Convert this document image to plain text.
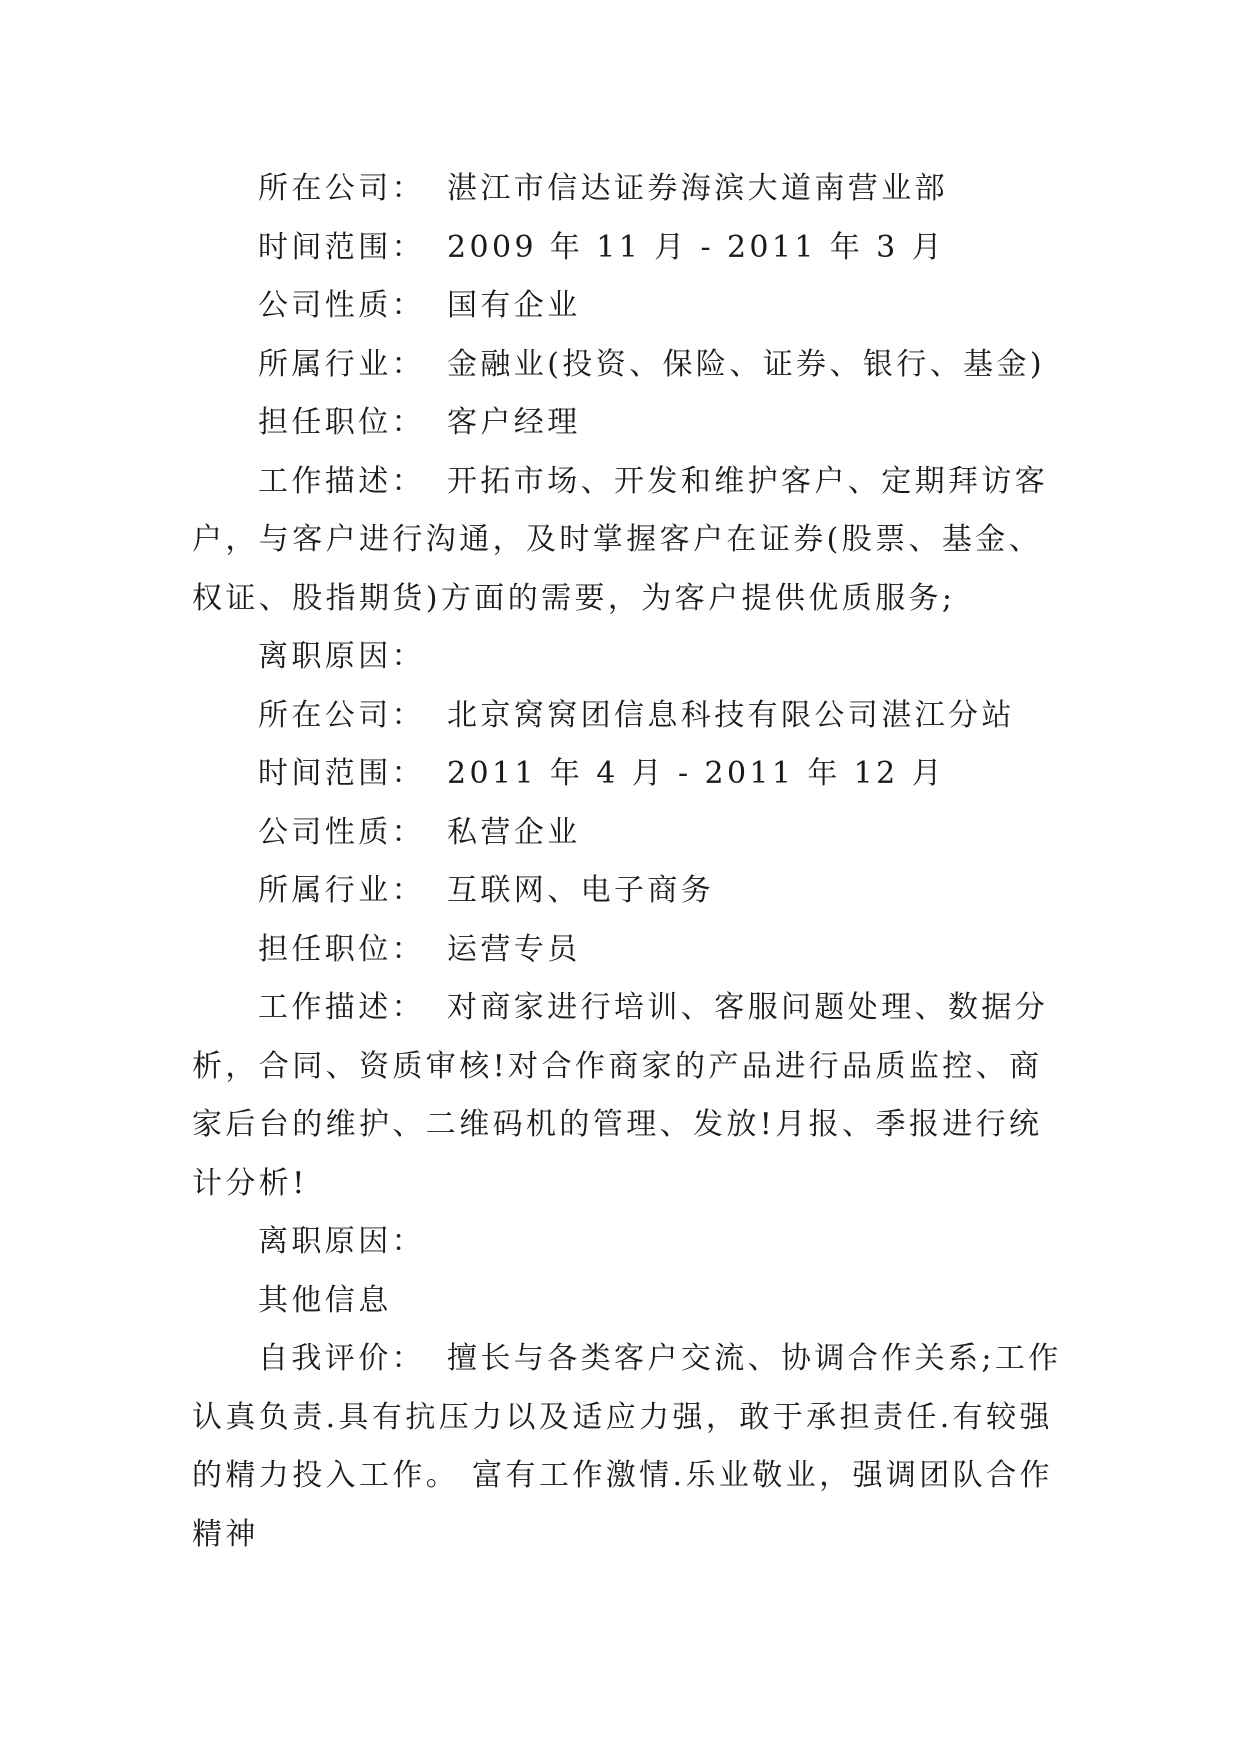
所在公司： 湛江市信达证券海滨大道南营业部

时间范围： 2009 年 11 月 - 2011 年 3 月

公司性质： 国有企业

所属行业： 金融业(投资、保险、证券、银行、基金)

担任职位： 客户经理

工作描述： 开拓市场、开发和维护客户、定期拜访客

户，与客户进行沟通，及时掌握客户在证券(股票、基金、

权证、股指期货)方面的需要，为客户提供优质服务;

离职原因：

所在公司： 北京窝窝团信息科技有限公司湛江分站

时间范围： 2011 年 4 月 - 2011 年 12 月

公司性质： 私营企业

所属行业： 互联网、电子商务

担任职位： 运营专员

工作描述： 对商家进行培训、客服问题处理、数据分

析，合同、资质审核!对合作商家的产品进行品质监控、商

家后台的维护、二维码机的管理、发放!月报、季报进行统

计分析!

离职原因：

其他信息

自我评价： 擅长与各类客户交流、协调合作关系;工作

认真负责.具有抗压力以及适应力强，敢于承担责任.有较强

的精力投入工作。 富有工作激情.乐业敬业，强调团队合作

精神
